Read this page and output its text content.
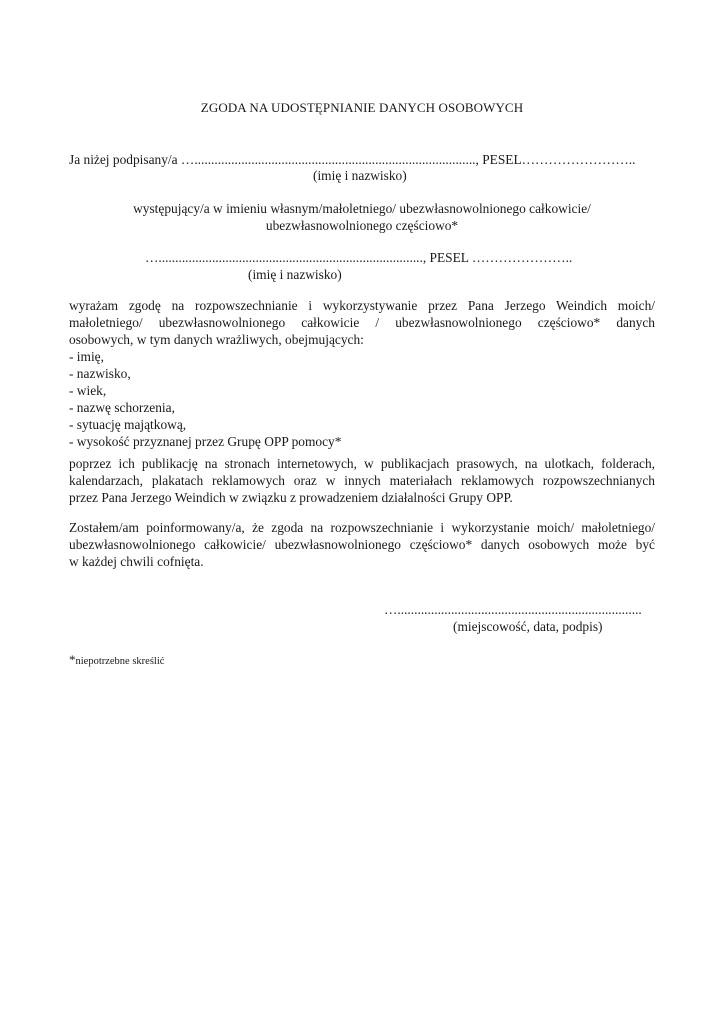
ZGODA NA UDOSTĘPNIANIE DANYCH OSOBOWYCH
Ja niżej podpisany/a …...................................................................................., PESEL……………………..
(imię i nazwisko)
występujący/a w imieniu własnym/małoletniego/ ubezwłasnowolnionego całkowicie/
ubezwłasnowolnionego częściowo*
…..............................................................................., PESEL …………………..
(imię i nazwisko)
wyrażam zgodę na rozpowszechnianie i wykorzystywanie przez Pana Jerzego Weindich moich/
małoletniego/ ubezwłasnowolnionego całkowicie / ubezwłasnowolnionego częściowo* danych
osobowych, w tym danych wrażliwych, obejmujących:
- imię,
- nazwisko,
- wiek,
- nazwę schorzenia,
- sytuację majątkową,
- wysokość przyznanej przez Grupę OPP pomocy*
poprzez ich publikację na stronach internetowych, w publikacjach prasowych, na ulotkach, folderach,
kalendarzach, plakatach reklamowych oraz w innych materiałach reklamowych rozpowszechnianych
przez Pana Jerzego Weindich w związku z prowadzeniem działalności Grupy OPP.
Zostałem/am poinformowany/a, że zgoda na rozpowszechnianie i wykorzystanie moich/ małoletniego/
ubezwłasnowolnionego całkowicie/ ubezwłasnowolnionego częściowo* danych osobowych może być
w każdej chwili cofnięta.
….........................................................................
(miejscowość, data, podpis)
*niepotrzebne skreślić
